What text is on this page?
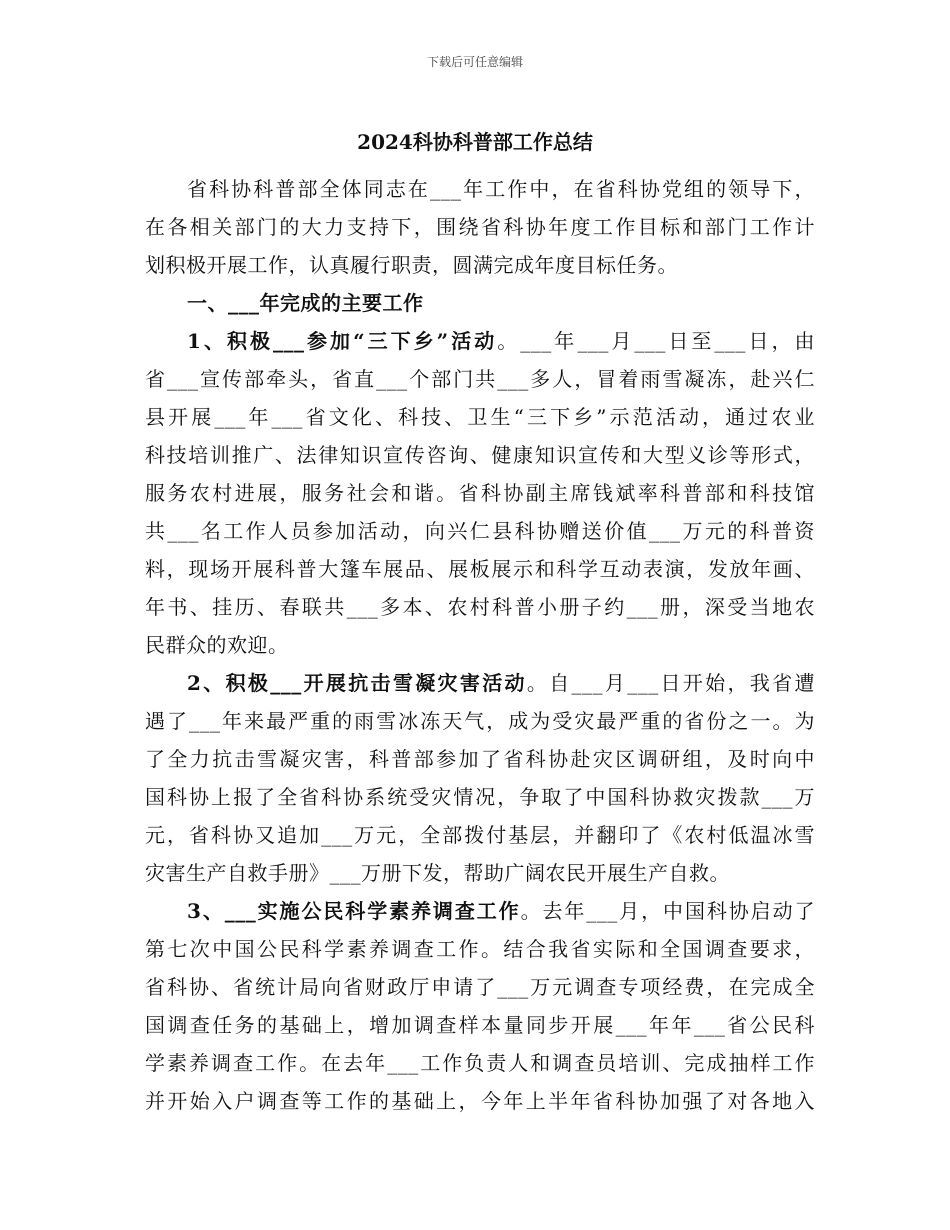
下载后可任意编辑
2024科协科普部工作总结
省科协科普部全体同志在___年工作中，在省科协党组的领导下，
在各相关部门的大力支持下，围绕省科协年度工作目标和部门工作计
划积极开展工作，认真履行职责，圆满完成年度目标任务。
一、___年完成的主要工作
1、积极___参加“三下乡”活动。___年___月___日至___日，由
省___宣传部牵头，省直___个部门共___多人，冒着雨雪凝冻，赴兴仁
县开展___年___省文化、科技、卫生“三下乡”示范活动，通过农业
科技培训推广、法律知识宣传咨询、健康知识宣传和大型义诊等形式，
服务农村进展，服务社会和谐。省科协副主席钱斌率科普部和科技馆
共___名工作人员参加活动，向兴仁县科协赠送价值___万元的科普资
料，现场开展科普大篷车展品、展板展示和科学互动表演，发放年画、
年书、挂历、春联共___多本、农村科普小册子约___册，深受当地农
民群众的欢迎。
2、积极___开展抗击雪凝灾害活动。自___月___日开始，我省遭
遇了___年来最严重的雨雪冰冻天气，成为受灾最严重的省份之一。为
了全力抗击雪凝灾害，科普部参加了省科协赴灾区调研组，及时向中
国科协上报了全省科协系统受灾情况，争取了中国科协救灾拨款___万
元，省科协又追加___万元，全部拨付基层，并翻印了《农村低温冰雪
灾害生产自救手册》___万册下发，帮助广阔农民开展生产自救。
3、___实施公民科学素养调查工作。去年___月，中国科协启动了
第七次中国公民科学素养调查工作。结合我省实际和全国调查要求，
省科协、省统计局向省财政厅申请了___万元调查专项经费，在完成全
国调查任务的基础上，增加调查样本量同步开展___年年___省公民科
学素养调查工作。在去年___工作负责人和调查员培训、完成抽样工作
并开始入户调查等工作的基础上，今年上半年省科协加强了对各地入
